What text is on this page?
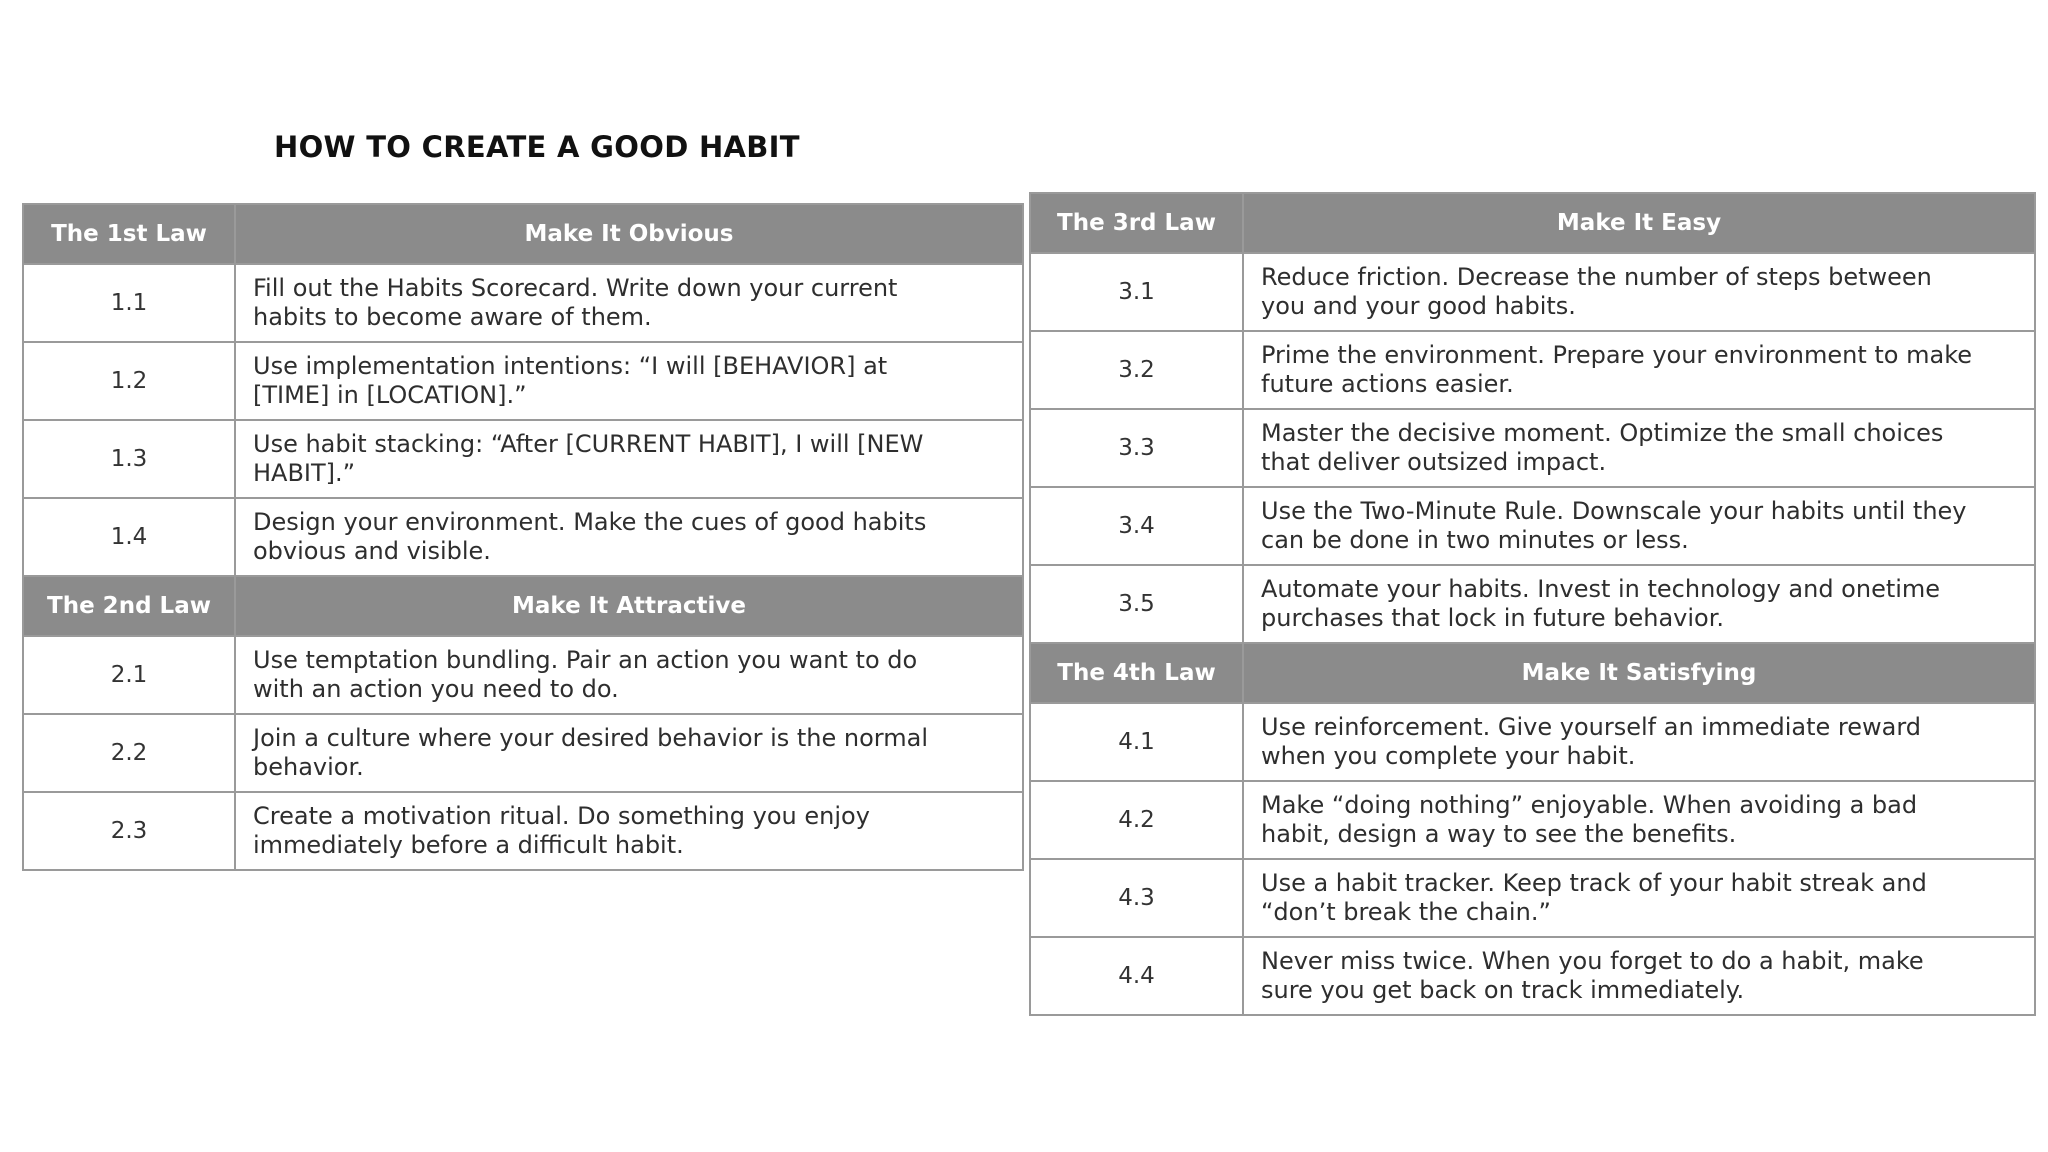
HOW TO CREATE A GOOD HABIT
The 1st Law	Make It Obvious
1.1	Fill out the Habits Scorecard. Write down your current habits to become aware of them.
1.2	Use implementation intentions: “I will [BEHAVIOR] at [TIME] in [LOCATION].”
1.3	Use habit stacking: “After [CURRENT HABIT], I will [NEW HABIT].”
1.4	Design your environment. Make the cues of good habits obvious and visible.
The 2nd Law	Make It Attractive
2.1	Use temptation bundling. Pair an action you want to do with an action you need to do.
2.2	Join a culture where your desired behavior is the normal behavior.
2.3	Create a motivation ritual. Do something you enjoy immediately before a difficult habit.
The 3rd Law	Make It Easy
3.1	Reduce friction. Decrease the number of steps between you and your good habits.
3.2	Prime the environment. Prepare your environment to make future actions easier.
3.3	Master the decisive moment. Optimize the small choices that deliver outsized impact.
3.4	Use the Two-Minute Rule. Downscale your habits until they can be done in two minutes or less.
3.5	Automate your habits. Invest in technology and onetime purchases that lock in future behavior.
The 4th Law	Make It Satisfying
4.1	Use reinforcement. Give yourself an immediate reward when you complete your habit.
4.2	Make “doing nothing” enjoyable. When avoiding a bad habit, design a way to see the benefits.
4.3	Use a habit tracker. Keep track of your habit streak and “don’t break the chain.”
4.4	Never miss twice. When you forget to do a habit, make sure you get back on track immediately.
